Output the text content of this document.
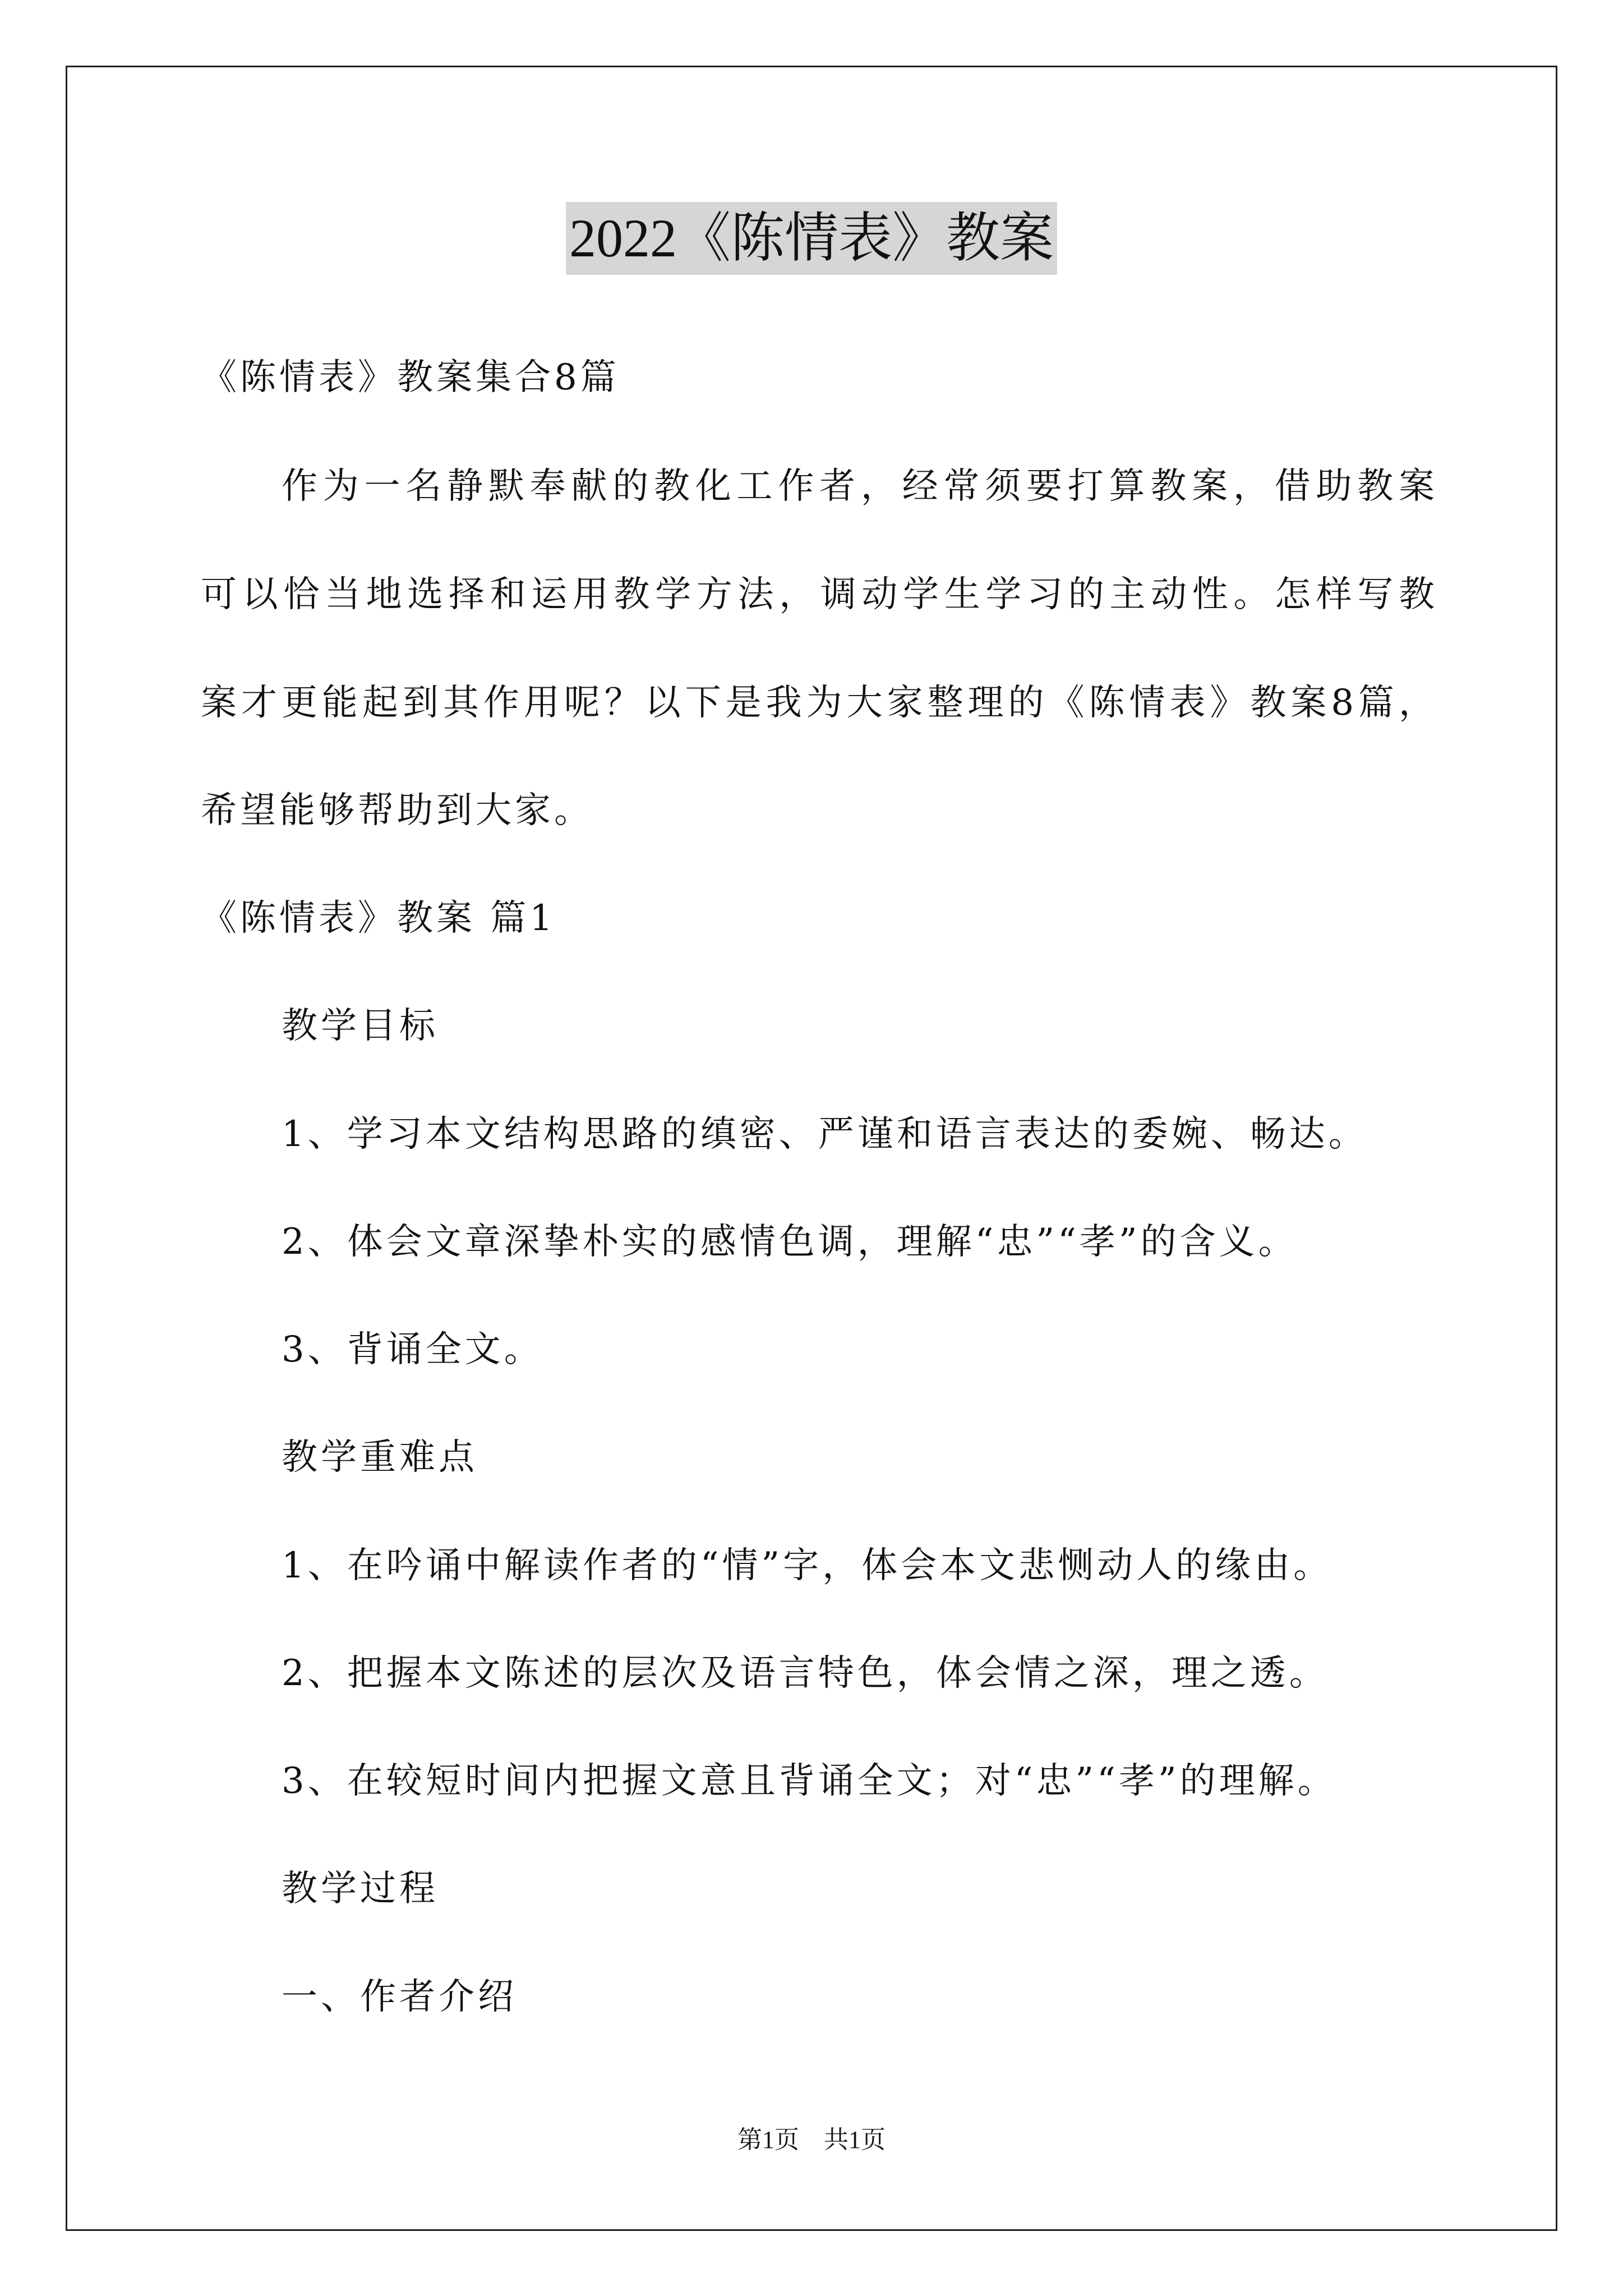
2022《陈情表》教案
《陈情表》教案集合8篇
作为一名静默奉献的教化工作者，经常须要打算教案，借助教案
可以恰当地选择和运用教学方法，调动学生学习的主动性。怎样写教
案才更能起到其作用呢？以下是我为大家整理的《陈情表》教案8篇，
希望能够帮助到大家。
《陈情表》教案 篇1
教学目标
1、学习本文结构思路的缜密、严谨和语言表达的委婉、畅达。
2、体会文章深挚朴实的感情色调，理解“忠”“孝”的含义。
3、背诵全文。
教学重难点
1、在吟诵中解读作者的“情”字，体会本文悲恻动人的缘由。
2、把握本文陈述的层次及语言特色，体会情之深，理之透。
3、在较短时间内把握文意且背诵全文；对“忠”“孝”的理解。
教学过程
一、作者介绍
第1页　共1页
